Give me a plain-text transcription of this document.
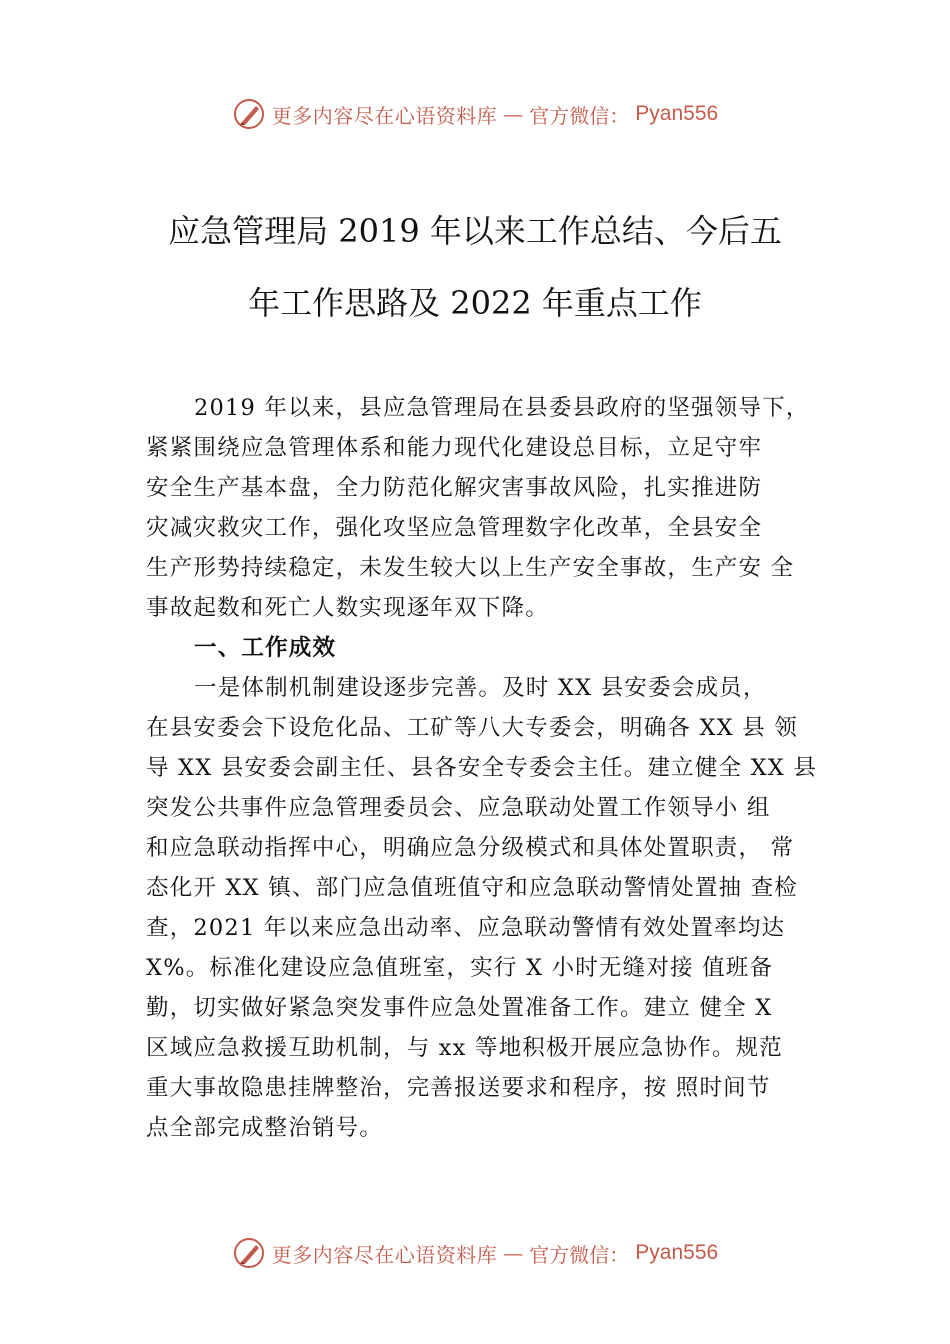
更多内容尽在心语资料库 — 官方微信： Pyan556
应急管理局 2019 年以来工作总结、今后五
年工作思路及 2022 年重点工作
2019 年以来，县应急管理局在县委县政府的坚强领导下，
紧紧围绕应急管理体系和能力现代化建设总目标，立足守牢
安全生产基本盘，全力防范化解灾害事故风险，扎实推进防
灾减灾救灾工作，强化攻坚应急管理数字化改革，全县安全
生产形势持续稳定，未发生较大以上生产安全事故，生产安 全
事故起数和死亡人数实现逐年双下降。
一、工作成效
一是体制机制建设逐步完善。及时 XX 县安委会成员，
在县安委会下设危化品、工矿等八大专委会，明确各 XX 县 领
导 XX 县安委会副主任、县各安全专委会主任。建立健全 XX 县
突发公共事件应急管理委员会、应急联动处置工作领导小 组
和应急联动指挥中心，明确应急分级模式和具体处置职责， 常
态化开 XX 镇、部门应急值班值守和应急联动警情处置抽 查检
查，2021 年以来应急出动率、应急联动警情有效处置率均达
X%。标准化建设应急值班室，实行 X 小时无缝对接 值班备
勤，切实做好紧急突发事件应急处置准备工作。建立 健全 X
区域应急救援互助机制，与 xx 等地积极开展应急协作。规范
重大事故隐患挂牌整治，完善报送要求和程序，按 照时间节
点全部完成整治销号。
更多内容尽在心语资料库 — 官方微信： Pyan556
